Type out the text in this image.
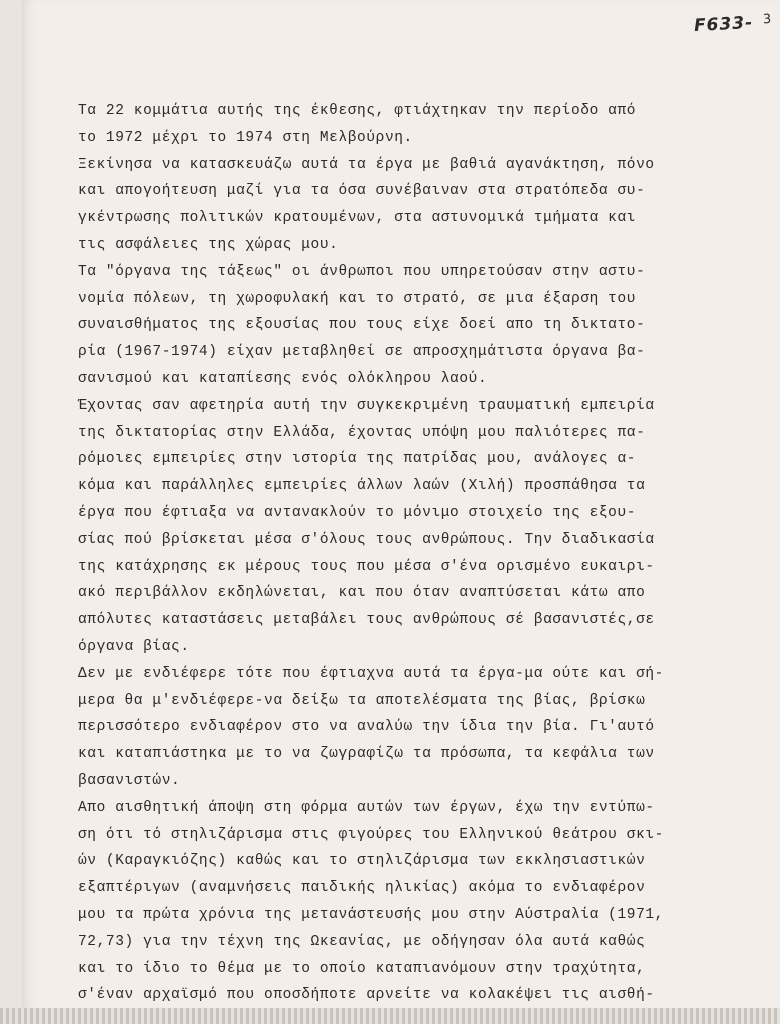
F633- $^3$
Τα 22 κομμάτια αυτής της έκθεσης, φτιάχτηκαν την περίοδο από
το 1972 μέχρι το 1974 στη Μελβούρνη.
Ξεκίνησα να κατασκευάζω αυτά τα έργα με βαθιά αγανάκτηση, πόνο
και απογοήτευση μαζί για τα όσα συνέβαιναν στα στρατόπεδα συ-
γκέντρωσης πολιτικών κρατουμένων, στα αστυνομικά τμήματα και
τις ασφάλειες της χώρας μου.
Τα "όργανα της τάξεως" οι άνθρωποι που υπηρετούσαν στην αστυ-
νομία πόλεων, τη χωροφυλακή και το στρατό, σε μια έξαρση του
συναισθήματος της εξουσίας που τους είχε δοεί απο τη δικτατο-
ρία (1967-1974) είχαν μεταβληθεί σε απροσχημάτιστα όργανα βα-
σανισμού και καταπίεσης ενός ολόκληρου λαού.
Έχοντας σαν αφετηρία αυτή την συγκεκριμένη τραυματική εμπειρία
της δικτατορίας στην Ελλάδα, έχοντας υπόψη μου παλιότερες πα-
ρόμοιες εμπειρίες στην ιστορία της πατρίδας μου, ανάλογες α-
κόμα και παράλληλες εμπειρίες άλλων λαών (Χιλή) προσπάθησα τα
έργα που έφτιαξα να αντανακλούν το μόνιμο στοιχείο της εξου-
σίας πού βρίσκεται μέσα σ'όλους τους ανθρώπους. Την διαδικασία
της κατάχρησης εκ μέρους τους που μέσα σ'ένα ορισμένο ευκαιρι-
ακό περιβάλλον εκδηλώνεται, και που όταν αναπτύσεται κάτω απο
απόλυτες καταστάσεις μεταβάλει τους ανθρώπους σέ βασανιστές,σε
όργανα βίας.
Δεν με ενδιέφερε τότε που έφτιαχνα αυτά τα έργα-μα ούτε και σή-
μερα θα μ'ενδιέφερε-να δείξω τα αποτελέσματα της βίας, βρίσκω
περισσότερο ενδιαφέρον στο να αναλύω την ίδια την βία. Γι'αυτό
και καταπιάστηκα με το να ζωγραφίζω τα πρόσωπα, τα κεφάλια των
βασανιστών.
Απο αισθητική άποψη στη φόρμα αυτών των έργων, έχω την εντύπω-
ση ότι τό στηλιζάρισμα στις φιγούρες του Ελληνικού θεάτρου σκι-
ών (Καραγκιόζης) καθώς και το στηλιζάρισμα των εκκλησιαστικών
εξαπτέριγων (αναμνήσεις παιδικής ηλικίας) ακόμα το ενδιαφέρον
μου τα πρώτα χρόνια της μετανάστευσής μου στην Αύστραλία (1971,
72,73) για την τέχνη της Ωκεανίας, με οδήγησαν όλα αυτά καθώς
και το ίδιο το θέμα με το οποίο καταπιανόμουν στην τραχύτητα,
σ'έναν αρχαϊσμό που οποσδήποτε αρνείτε να κολακέψει τις αισθή-
